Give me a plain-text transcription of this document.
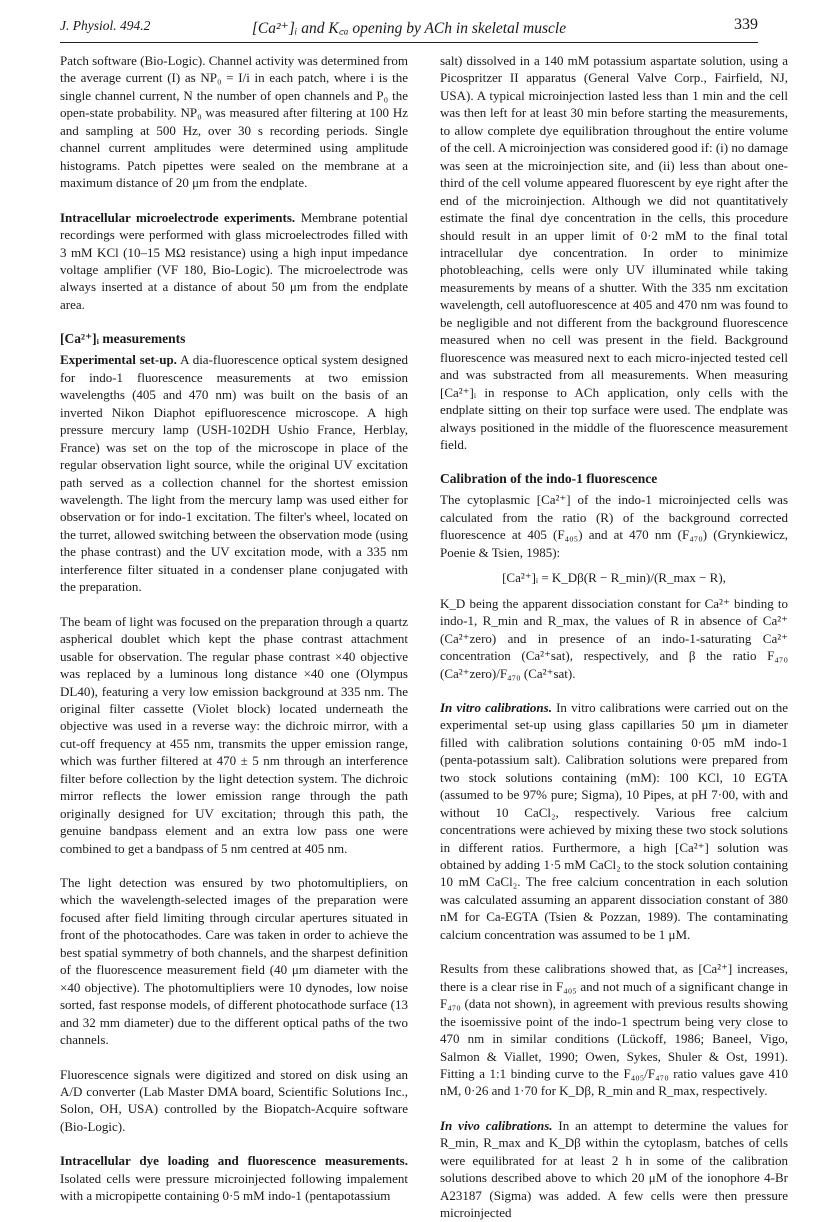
J. Physiol. 494.2	[Ca²⁺]ᵢ and K꜀ₐ opening by ACh in skeletal muscle	339

Patch software (Bio-Logic). Channel activity was determined from the average current (I) as NP₀ = I/i in each patch, where i is the single channel current, N the number of open channels and P₀ the open-state probability. NP₀ was measured after filtering at 100 Hz and sampling at 500 Hz, over 30 s recording periods. Single channel current amplitudes were determined using amplitude histograms. Patch pipettes were sealed on the membrane at a maximum distance of 20 μm from the endplate.

Intracellular microelectrode experiments. Membrane potential recordings were performed with glass microelectrodes filled with 3 mM KCl (10–15 MΩ resistance) using a high input impedance voltage amplifier (VF 180, Bio-Logic). The microelectrode was always inserted at a distance of about 50 μm from the endplate area.

[Ca²⁺]ᵢ measurements

Experimental set-up. A dia-fluorescence optical system designed for indo-1 fluorescence measurements at two emission wavelengths (405 and 470 nm) was built on the basis of an inverted Nikon Diaphot epifluorescence microscope. A high pressure mercury lamp (USH-102DH Ushio France, Herblay, France) was set on the top of the microscope in place of the regular observation light source, while the original UV excitation path served as a collection channel for the shortest emission wavelength. The light from the mercury lamp was used either for observation or for indo-1 excitation. The filter's wheel, located on the turret, allowed switching between the observation mode (using the phase contrast) and the UV excitation mode, with a 335 nm interference filter situated in a condenser plane conjugated with the preparation.

The beam of light was focused on the preparation through a quartz aspherical doublet which kept the phase contrast attachment usable for observation. The regular phase contrast ×40 objective was replaced by a luminous long distance ×40 one (Olympus DL40), featuring a very low emission background at 335 nm. The original filter cassette (Violet block) located underneath the objective was used in a reverse way: the dichroic mirror, with a cut-off frequency at 455 nm, transmits the upper emission range, which was further filtered at 470 ± 5 nm through an interference filter before collection by the light detection system. The dichroic mirror reflects the lower emission range through the path originally designed for UV excitation; through this path, the genuine bandpass element and an extra low pass one were combined to get a bandpass of 5 nm centred at 405 nm.

The light detection was ensured by two photomultipliers, on which the wavelength-selected images of the preparation were focused after field limiting through circular apertures situated in front of the photocathodes. Care was taken in order to achieve the best spatial symmetry of both channels, and the sharpest definition of the fluorescence measurement field (40 μm diameter with the ×40 objective). The photomultipliers were 10 dynodes, low noise sorted, fast response models, of different photocathode surface (13 and 32 mm diameter) due to the different optical paths of the two channels.

Fluorescence signals were digitized and stored on disk using an A/D converter (Lab Master DMA board, Scientific Solutions Inc., Solon, OH, USA) controlled by the Biopatch-Acquire software (Bio-Logic).

Intracellular dye loading and fluorescence measurements. Isolated cells were pressure microinjected following impalement with a micropipette containing 0·5 mM indo-1 (pentapotassium

salt) dissolved in a 140 mM potassium aspartate solution, using a Picospritzer II apparatus (General Valve Corp., Fairfield, NJ, USA). A typical microinjection lasted less than 1 min and the cell was then left for at least 30 min before starting the measurements, to allow complete dye equilibration throughout the entire volume of the cell. A microinjection was considered good if: (i) no damage was seen at the microinjection site, and (ii) less than about one-third of the cell volume appeared fluorescent by eye right after the end of the microinjection. Although we did not quantitatively estimate the final dye concentration in the cells, this procedure should result in an upper limit of 0·2 mM to the final total intracellular dye concentration. In order to minimize photobleaching, cells were only UV illuminated while taking measurements by means of a shutter. With the 335 nm excitation wavelength, cell autofluorescence at 405 and 470 nm was found to be negligible and not different from the background fluorescence measured when no cell was present in the field. Background fluorescence was measured next to each micro-injected tested cell and was substracted from all measurements. When measuring [Ca²⁺]ᵢ in response to ACh application, only cells with the endplate sitting on their top surface were used. The endplate was always positioned in the middle of the fluorescence measurement field.

Calibration of the indo-1 fluorescence

The cytoplasmic [Ca²⁺] of the indo-1 microinjected cells was calculated from the ratio (R) of the background corrected fluorescence at 405 (F₄₀₅) and at 470 nm (F₄₇₀) (Grynkiewicz, Poenie & Tsien, 1985):

[Ca²⁺]ᵢ = K_Dβ(R − R_min)/(R_max − R),

K_D being the apparent dissociation constant for Ca²⁺ binding to indo-1, R_min and R_max, the values of R in absence of Ca²⁺ (Ca²⁺zero) and in presence of an indo-1-saturating Ca²⁺ concentration (Ca²⁺sat), respectively, and β the ratio F₄₇₀ (Ca²⁺zero)/F₄₇₀ (Ca²⁺sat).

In vitro calibrations. In vitro calibrations were carried out on the experimental set-up using glass capillaries 50 μm in diameter filled with calibration solutions containing 0·05 mM indo-1 (penta-potassium salt). Calibration solutions were prepared from two stock solutions containing (mM): 100 KCl, 10 EGTA (assumed to be 97% pure; Sigma), 10 Pipes, at pH 7·00, with and without 10 CaCl₂, respectively. Various free calcium concentrations were achieved by mixing these two stock solutions in different ratios. Furthermore, a high [Ca²⁺] solution was obtained by adding 1·5 mM CaCl₂ to the stock solution containing 10 mM CaCl₂. The free calcium concentration in each solution was calculated assuming an apparent dissociation constant of 380 nM for Ca-EGTA (Tsien & Pozzan, 1989). The contaminating calcium concentration was assumed to be 1 μM.

Results from these calibrations showed that, as [Ca²⁺] increases, there is a clear rise in F₄₀₅ and not much of a significant change in F₄₇₀ (data not shown), in agreement with previous results showing the isoemissive point of the indo-1 spectrum being very close to 470 nm in similar conditions (Lückoff, 1986; Baneel, Vigo, Salmon & Viallet, 1990; Owen, Sykes, Shuler & Ost, 1991). Fitting a 1:1 binding curve to the F₄₀₅/F₄₇₀ ratio values gave 410 nM, 0·26 and 1·70 for K_Dβ, R_min and R_max, respectively.

In vivo calibrations. In an attempt to determine the values for R_min, R_max and K_Dβ within the cytoplasm, batches of cells were equilibrated for at least 2 h in some of the calibration solutions described above to which 20 μM of the ionophore 4-Br A23187 (Sigma) was added. A few cells were then pressure microinjected
